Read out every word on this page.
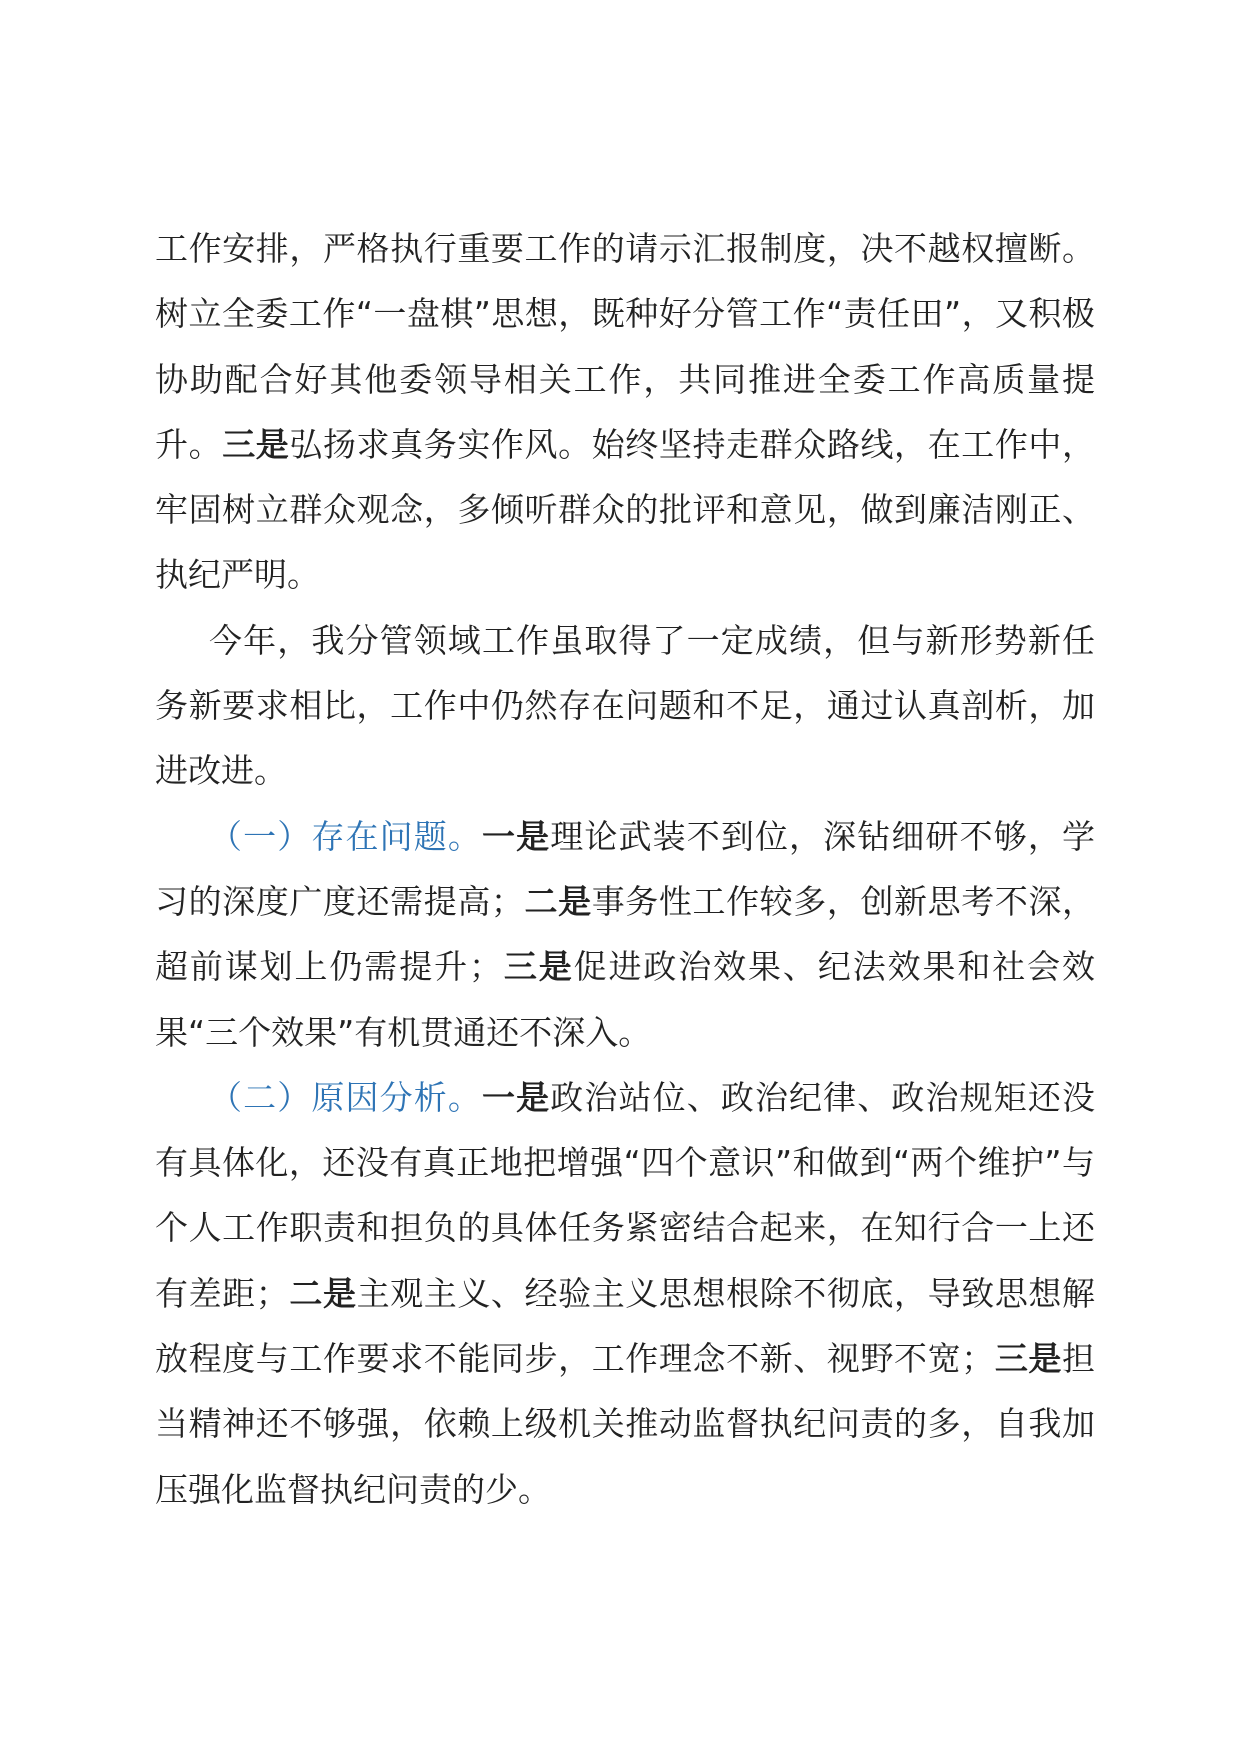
工作安排，严格执行重要工作的请示汇报制度，决不越权擅断。树立全委工作“一盘棋”思想，既种好分管工作“责任田”，又积极协助配合好其他委领导相关工作，共同推进全委工作高质量提升。三是弘扬求真务实作风。始终坚持走群众路线，在工作中，牢固树立群众观念，多倾听群众的批评和意见，做到廉洁刚正、执纪严明。

今年，我分管领域工作虽取得了一定成绩，但与新形势新任务新要求相比，工作中仍然存在问题和不足，通过认真剖析，加进改进。

（一）存在问题。一是理论武装不到位，深钻细研不够，学习的深度广度还需提高；二是事务性工作较多，创新思考不深，超前谋划上仍需提升；三是促进政治效果、纪法效果和社会效果“三个效果”有机贯通还不深入。

（二）原因分析。一是政治站位、政治纪律、政治规矩还没有具体化，还没有真正地把增强“四个意识”和做到“两个维护”与个人工作职责和担负的具体任务紧密结合起来，在知行合一上还有差距；二是主观主义、经验主义思想根除不彻底，导致思想解放程度与工作要求不能同步，工作理念不新、视野不宽；三是担当精神还不够强，依赖上级机关推动监督执纪问责的多，自我加压强化监督执纪问责的少。
